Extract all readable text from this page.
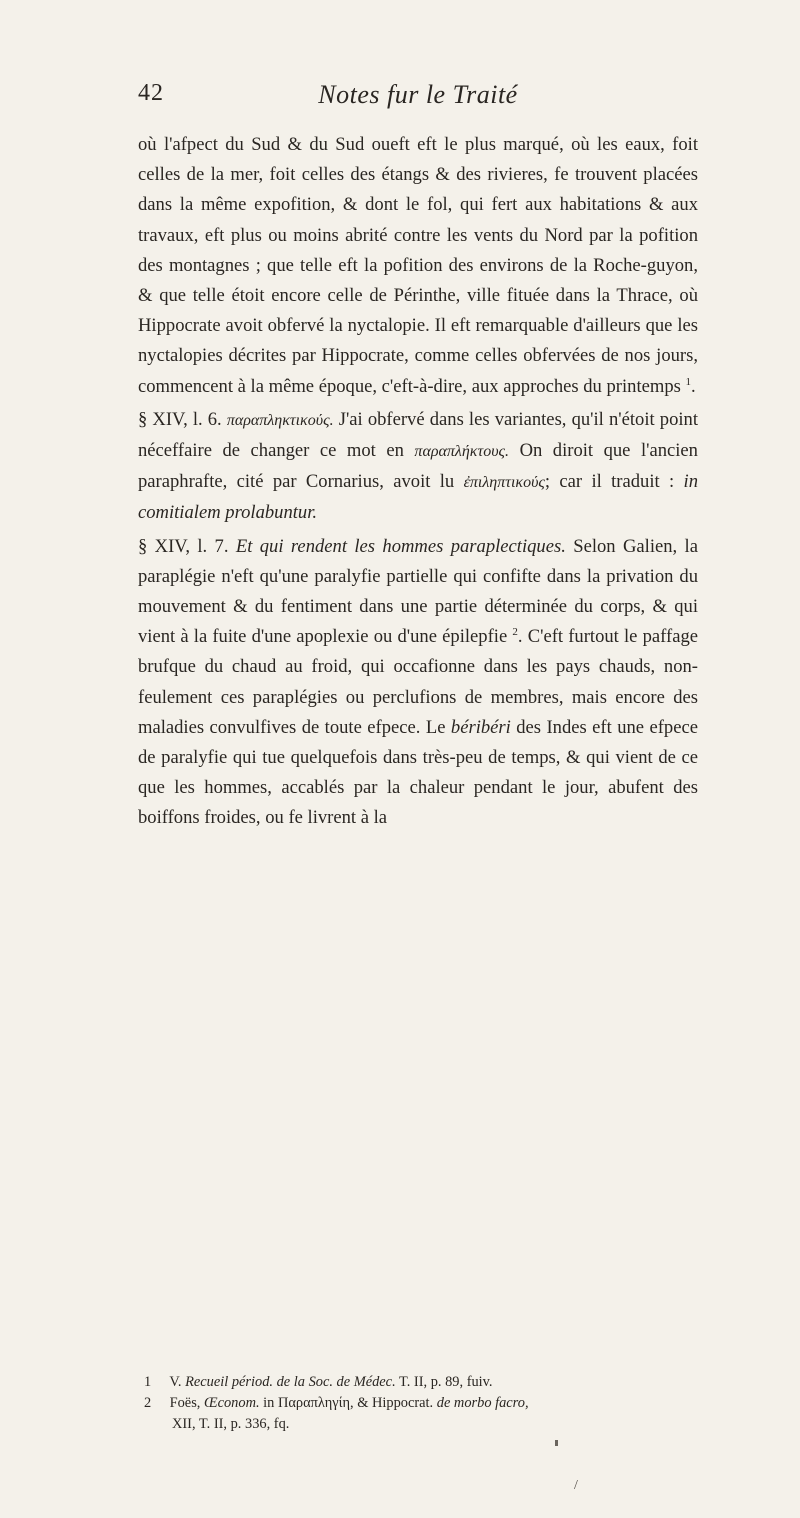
42	Notes fur le Traité

où l'afpect du Sud & du Sud oueft eft le plus marqué, où les eaux, foit celles de la mer, foit celles des étangs & des rivieres, fe trouvent placées dans la même expofition, & dont le fol, qui fert aux habitations & aux travaux, eft plus ou moins abrité contre les vents du Nord par la pofition des montagnes ; que telle eft la pofition des environs de la Roche-guyon, & que telle étoit encore celle de Périnthe, ville fituée dans la Thrace, où Hippocrate avoit obfervé la nyctalopie. Il eft remarquable d'ailleurs que les nyctalopies décrites par Hippocrate, comme celles obfervées de nos jours, commencent à la même époque, c'eft-à-dire, aux approches du printemps $^1$.

§ XIV, l. 6. παραπληκτικούς. J'ai obfervé dans les variantes, qu'il n'étoit point néceffaire de changer ce mot en παραπλήκτους. On diroit que l'ancien paraphrafte, cité par Cornarius, avoit lu ἐπιληπτικούς; car il traduit : in comitialem prolabuntur.

§ XIV, l. 7. Et qui rendent les hommes paraplectiques. Selon Galien, la paraplégie n'eft qu'une paralyfie partielle qui confifte dans la privation du mouvement & du fentiment dans une partie déterminée du corps, & qui vient à la fuite d'une apoplexie ou d'une épilepfie $^2$. C'eft furtout le paffage brufque du chaud au froid, qui occafionne dans les pays chauds, non-feulement ces paraplégies ou perclufions de membres, mais encore des maladies convulfives de toute efpece. Le béribéri des Indes eft une efpece de paralyfie qui tue quelquefois dans très-peu de temps, & qui vient de ce que les hommes, accablés par la chaleur pendant le jour, abufent des boiffons froides, ou fe livrent à la

1 V. Recueil périod. de la Soc. de Médec. T. II, p. 89, fuiv.

2 Foës, Œconom. in Παραπληγίη, & Hippocrat. de morbo facro,

XII, T. II, p. 336, fq.

/
